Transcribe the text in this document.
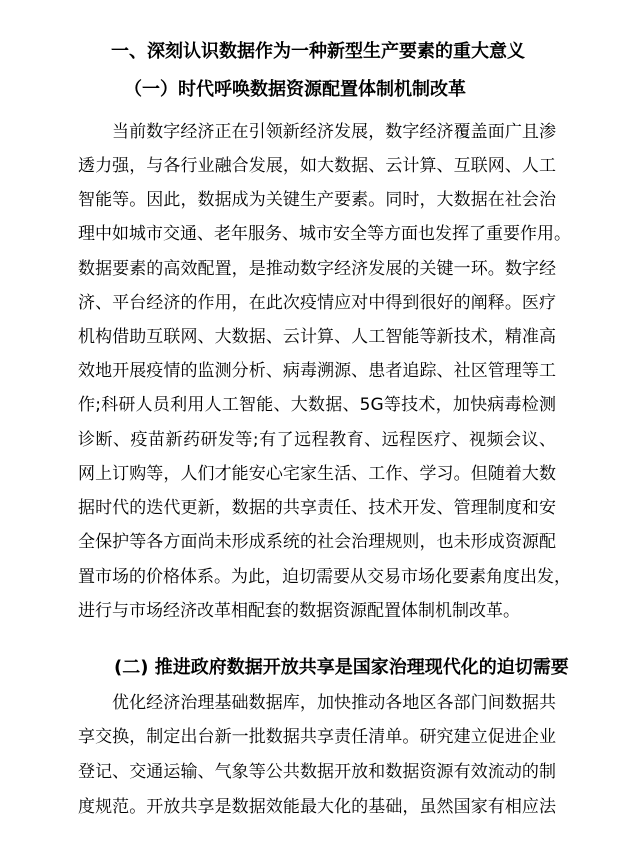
一、深刻认识数据作为一种新型生产要素的重大意义
（一）时代呼唤数据资源配置体制机制改革

当前数字经济正在引领新经济发展，数字经济覆盖面广且渗

透力强，与各行业融合发展，如大数据、云计算、互联网、人工

智能等。因此，数据成为关键生产要素。同时，大数据在社会治

理中如城市交通、老年服务、城市安全等方面也发挥了重要作用。

数据要素的高效配置，是推动数字经济发展的关键一环。数字经

济、平台经济的作用，在此次疫情应对中得到很好的阐释。医疗

机构借助互联网、大数据、云计算、人工智能等新技术，精准高

效地开展疫情的监测分析、病毒溯源、患者追踪、社区管理等工

作;科研人员利用人工智能、大数据、5G等技术，加快病毒检测

诊断、疫苗新药研发等;有了远程教育、远程医疗、视频会议、

网上订购等，人们才能安心宅家生活、工作、学习。但随着大数

据时代的迭代更新，数据的共享责任、技术开发、管理制度和安

全保护等各方面尚未形成系统的社会治理规则，也未形成资源配

置市场的价格体系。为此，迫切需要从交易市场化要素角度出发，

进行与市场经济改革相配套的数据资源配置体制机制改革。

(二) 推进政府数据开放共享是国家治理现代化的迫切需要

优化经济治理基础数据库，加快推动各地区各部门间数据共

享交换，制定出台新一批数据共享责任清单。研究建立促进企业

登记、交通运输、气象等公共数据开放和数据资源有效流动的制

度规范。开放共享是数据效能最大化的基础，虽然国家有相应法
